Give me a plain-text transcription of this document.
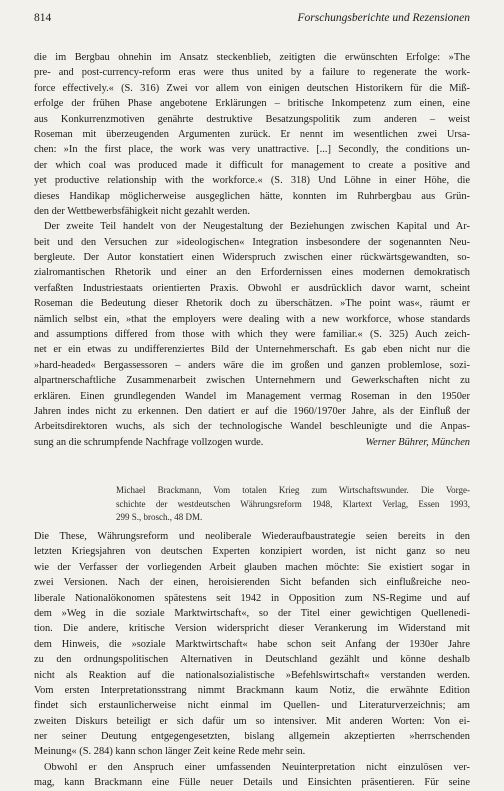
814	Forschungsberichte und Rezensionen
die im Bergbau ohnehin im Ansatz steckenblieb, zeitigten die erwünschten Erfolge: »The
pre- and post-currency-reform eras were thus united by a failure to regenerate the work-
force effectively.« (S. 316) Zwei vor allem von einigen deutschen Historikern für die Miß-
erfolge der frühen Phase angebotene Erklärungen – britische Inkompetenz zum einen, eine
aus Konkurrenzmotiven genährte destruktive Besatzungspolitik zum anderen – weist
Roseman mit überzeugenden Argumenten zurück. Er nennt im wesentlichen zwei Ursa-
chen: »In the first place, the work was very unattractive. [...] Secondly, the conditions un-
der which coal was produced made it difficult for management to create a positive and
yet productive relationship with the workforce.« (S. 318) Und Löhne in einer Höhe, die
dieses Handikap möglicherweise ausgeglichen hätte, konnten im Ruhrbergbau aus Grün-
den der Wettbewerbsfähigkeit nicht gezahlt werden.
Der zweite Teil handelt von der Neugestaltung der Beziehungen zwischen Kapital und Ar-
beit und den Versuchen zur »ideologischen« Integration insbesondere der sogenannten Neu-
bergleute. Der Autor konstatiert einen Widerspruch zwischen einer rückwärtsgewandten, so-
zialromantischen Rhetorik und einer an den Erfordernissen eines modernen demokratisch
verfaßten Industriestaats orientierten Praxis. Obwohl er ausdrücklich davor warnt, scheint
Roseman die Bedeutung dieser Rhetorik doch zu überschätzen. »The point was«, räumt er
nämlich selbst ein, »that the employers were dealing with a new workforce, whose standards
and assumptions differed from those with which they were familiar.« (S. 325) Auch zeich-
net er ein etwas zu undifferenziertes Bild der Unternehmerschaft. Es gab eben nicht nur die
»hard-headed« Bergassessoren – anders wäre die im großen und ganzen problemlose, sozi-
alpartnerschaftliche Zusammenarbeit zwischen Unternehmern und Gewerkschaften nicht zu
erklären. Einen grundlegenden Wandel im Management vermag Roseman in den 1950er
Jahren indes nicht zu erkennen. Den datiert er auf die 1960/1970er Jahre, als der Einfluß der
Arbeitsdirektoren wuchs, als sich der technologische Wandel beschleunigte und die Anpas-
sung an die schrumpfende Nachfrage vollzogen wurde.	Werner Bührer, München
Michael Brackmann, Vom totalen Krieg zum Wirtschaftswunder. Die Vorge-
schichte der westdeutschen Währungsreform 1948, Klartext Verlag, Essen 1993,
299 S., brosch., 48 DM.
Die These, Währungsreform und neoliberale Wiederaufbaustrategie seien bereits in den
letzten Kriegsjahren von deutschen Experten konzipiert worden, ist nicht ganz so neu
wie der Verfasser der vorliegenden Arbeit glauben machen möchte: Sie existiert sogar in
zwei Versionen. Nach der einen, heroisierenden Sicht befanden sich einflußreiche neo-
liberale Nationalökonomen spätestens seit 1942 in Opposition zum NS-Regime und auf
dem »Weg in die soziale Marktwirtschaft«, so der Titel einer gewichtigen Quellenedi-
tion. Die andere, kritische Version widerspricht dieser Verankerung im Widerstand mit
dem Hinweis, die »soziale Marktwirtschaft« habe schon seit Anfang der 1930er Jahre
zu den ordnungspolitischen Alternativen in Deutschland gezählt und könne deshalb
nicht als Reaktion auf die nationalsozialistische »Befehlswirtschaft« verstanden werden.
Vom ersten Interpretationsstrang nimmt Brackmann kaum Notiz, die erwähnte Edition
findet sich erstaunlicherweise nicht einmal im Quellen- und Literaturverzeichnis; am
zweiten Diskurs beteiligt er sich dafür um so intensiver. Mit anderen Worten: Von ei-
ner seiner Deutung entgegengesetzten, bislang allgemein akzeptierten »herrschenden
Meinung« (S. 284) kann schon länger Zeit keine Rede mehr sein.
Obwohl er den Anspruch einer umfassenden Neuinterpretation nicht einzulösen ver-
mag, kann Brackmann eine Fülle neuer Details und Einsichten präsentieren. Für seine
